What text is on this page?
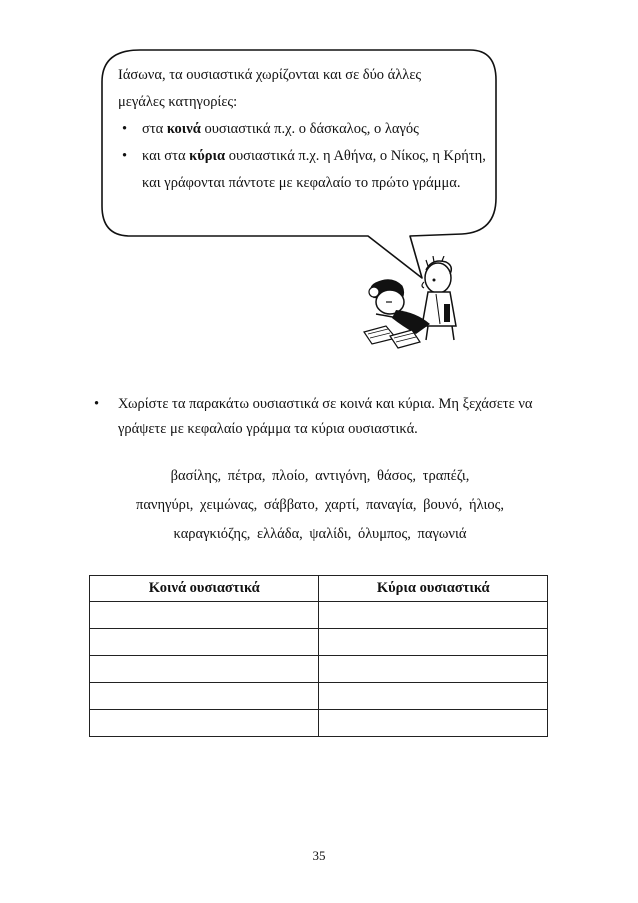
Ιάσωνα, τα ουσιαστικά χωρίζονται και σε δύο άλλες

μεγάλες κατηγορίες:

• στα κοινά ουσιαστικά π.χ. ο δάσκαλος, ο λαγός
• και στα κύρια ουσιαστικά π.χ. η Αθήνα, ο Νίκος, η Κρήτη, και γράφονται πάντοτε με κεφαλαίο το πρώτο γράμμα.
•	Χωρίστε τα παρακάτω ουσιαστικά σε κοινά και κύρια. Μη ξεχάσετε να γράψετε με κεφαλαίο γράμμα τα κύρια ουσιαστικά.
βασίλης, πέτρα, πλοίο, αντιγόνη, θάσος, τραπέζι,
πανηγύρι, χειμώνας, σάββατο, χαρτί, παναγία, βουνό, ήλιος,
καραγκιόζης, ελλάδα, ψαλίδι, όλυμπος, παγωνιά
Κοινά ουσιαστικά	Κύρια ουσιαστικά

35
